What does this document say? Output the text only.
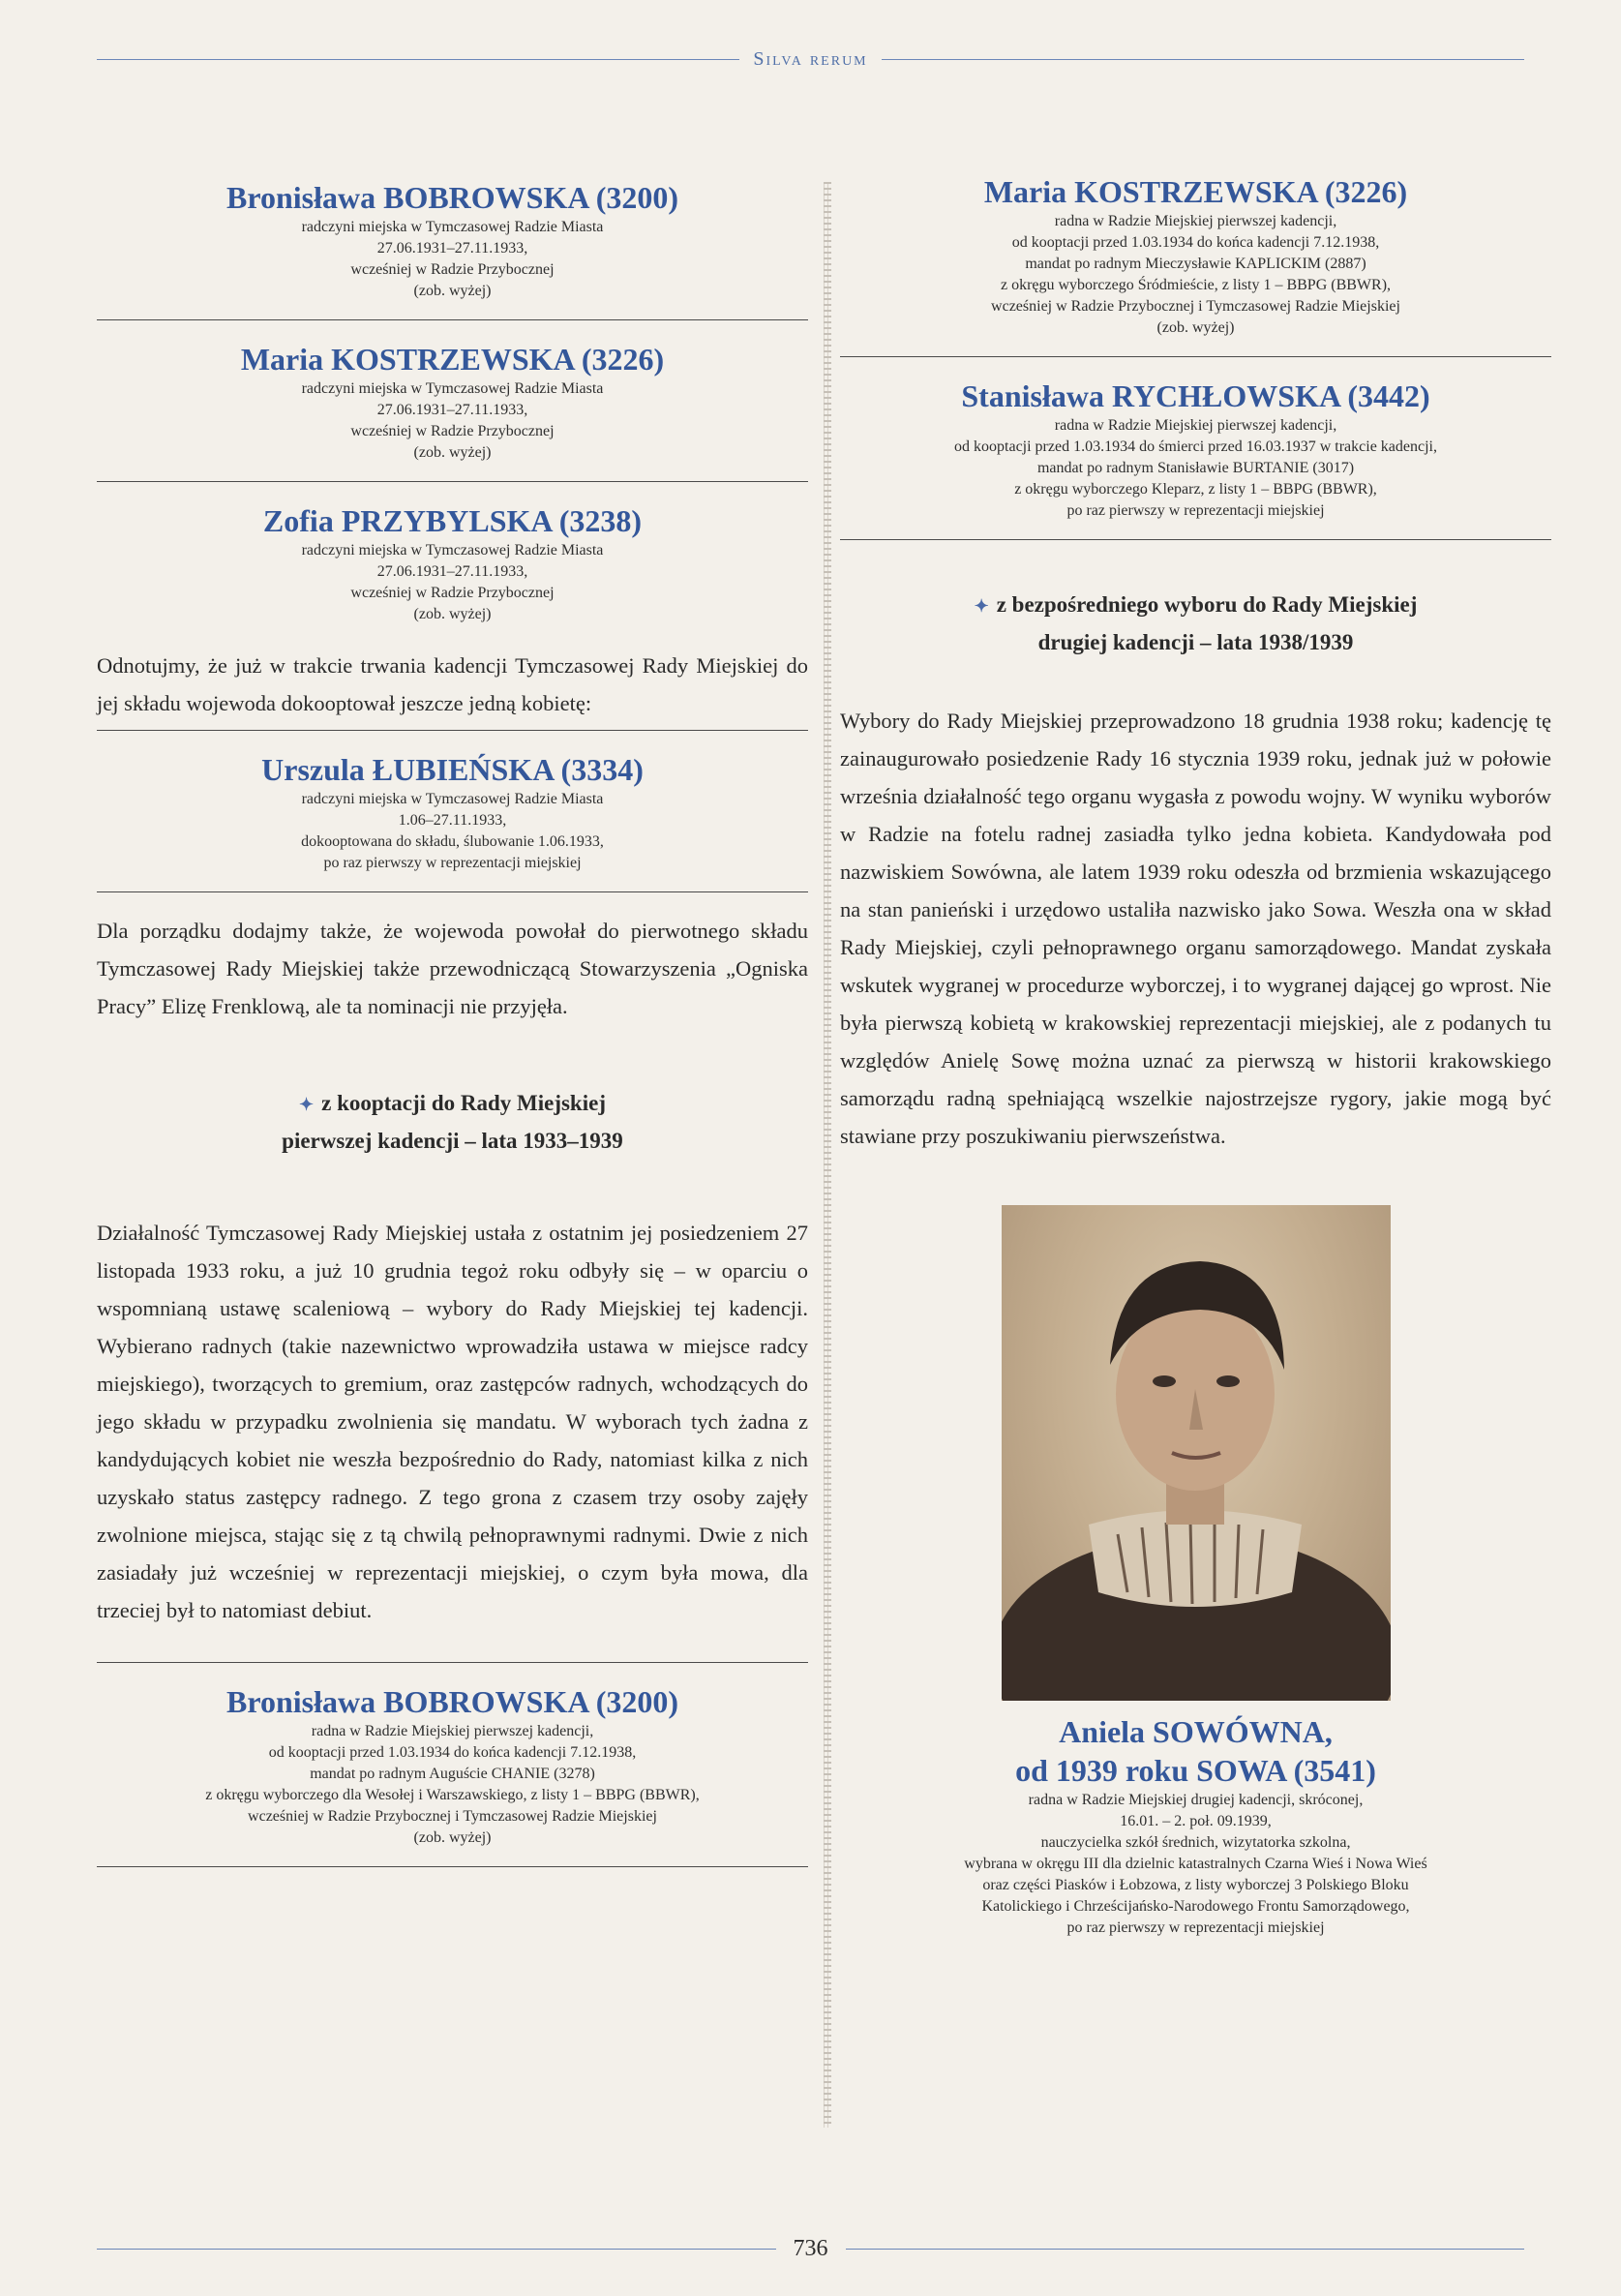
Silva rerum
Bronisława BOBROWSKA (3200)
radczyni miejska w Tymczasowej Radzie Miasta
27.06.1931–27.11.1933,
wcześniej w Radzie Przybocznej
(zob. wyżej)
Maria KOSTRZEWSKA (3226)
radczyni miejska w Tymczasowej Radzie Miasta
27.06.1931–27.11.1933,
wcześniej w Radzie Przybocznej
(zob. wyżej)
Zofia PRZYBYLSKA (3238)
radczyni miejska w Tymczasowej Radzie Miasta
27.06.1931–27.11.1933,
wcześniej w Radzie Przybocznej
(zob. wyżej)

Odnotujmy, że już w trakcie trwania kadencji Tymczasowej Rady Miejskiej do jej składu wojewoda dokooptował jeszcze jedną kobietę:

Urszula ŁUBIEŃSKA (3334)
radczyni miejska w Tymczasowej Radzie Miasta
1.06–27.11.1933,
dokooptowana do składu, ślubowanie 1.06.1933,
po raz pierwszy w reprezentacji miejskiej

Dla porządku dodajmy także, że wojewoda powołał do pierwotnego składu Tymczasowej Rady Miejskiej także przewodniczącą Stowarzyszenia „Ogniska Pracy” Elizę Frenklową, ale ta nominacji nie przyjęła.

✦ z kooptacji do Rady Miejskiej
pierwszej kadencji – lata 1933–1939

Działalność Tymczasowej Rady Miejskiej ustała z ostatnim jej posiedzeniem 27 listopada 1933 roku, a już 10 grudnia tegoż roku odbyły się – w oparciu o wspomnianą ustawę scaleniową – wybory do Rady Miejskiej tej kadencji. Wybierano radnych (takie nazewnictwo wprowadziła ustawa w miejsce radcy miejskiego), tworzących to gremium, oraz zastępców radnych, wchodzących do jego składu w przypadku zwolnienia się mandatu. W wyborach tych żadna z kandydujących kobiet nie weszła bezpośrednio do Rady, natomiast kilka z nich uzyskało status zastępcy radnego. Z tego grona z czasem trzy osoby zajęły zwolnione miejsca, stając się z tą chwilą pełnoprawnymi radnymi. Dwie z nich zasiadały już wcześniej w reprezentacji miejskiej, o czym była mowa, dla trzeciej był to natomiast debiut.

Bronisława BOBROWSKA (3200)
radna w Radzie Miejskiej pierwszej kadencji,
od kooptacji przed 1.03.1934 do końca kadencji 7.12.1938,
mandat po radnym Auguście CHANIE (3278)
z okręgu wyborczego dla Wesołej i Warszawskiego, z listy 1 – BBPG (BBWR),
wcześniej w Radzie Przybocznej i Tymczasowej Radzie Miejskiej
(zob. wyżej)
Maria KOSTRZEWSKA (3226)
radna w Radzie Miejskiej pierwszej kadencji,
od kooptacji przed 1.03.1934 do końca kadencji 7.12.1938,
mandat po radnym Mieczysławie KAPLICKIM (2887)
z okręgu wyborczego Śródmieście, z listy 1 – BBPG (BBWR),
wcześniej w Radzie Przybocznej i Tymczasowej Radzie Miejskiej
(zob. wyżej)
Stanisława RYCHŁOWSKA (3442)
radna w Radzie Miejskiej pierwszej kadencji,
od kooptacji przed 1.03.1934 do śmierci przed 16.03.1937 w trakcie kadencji,
mandat po radnym Stanisławie BURTANIE (3017)
z okręgu wyborczego Kleparz, z listy 1 – BBPG (BBWR),
po raz pierwszy w reprezentacji miejskiej
✦ z bezpośredniego wyboru do Rady Miejskiej
drugiej kadencji – lata 1938/1939

Wybory do Rady Miejskiej przeprowadzono 18 grudnia 1938 roku; kadencję tę zainaugurowało posiedzenie Rady 16 stycznia 1939 roku, jednak już w połowie września działalność tego organu wygasła z powodu wojny. W wyniku wyborów w Radzie na fotelu radnej zasiadła tylko jedna kobieta. Kandydowała pod nazwiskiem Sowówna, ale latem 1939 roku odeszła od brzmienia wskazującego na stan panieński i urzędowo ustaliła nazwisko jako Sowa. Weszła ona w skład Rady Miejskiej, czyli pełnoprawnego organu samorządowego. Mandat zyskała wskutek wygranej w procedurze wyborczej, i to wygranej dającej go wprost. Nie była pierwszą kobietą w krakowskiej reprezentacji miejskiej, ale z podanych tu względów Anielę Sowę można uznać za pierwszą w historii krakowskiego samorządu radną spełniającą wszelkie najostrzejsze rygory, jakie mogą być stawiane przy poszukiwaniu pierwszeństwa.

Aniela SOWÓWNA,
od 1939 roku SOWA (3541)
radna w Radzie Miejskiej drugiej kadencji, skróconej,
16.01. – 2. poł. 09.1939,
nauczycielka szkół średnich, wizytatorka szkolna,
wybrana w okręgu III dla dzielnic katastralnych Czarna Wieś i Nowa Wieś
oraz części Piasków i Łobzowa, z listy wyborczej 3 Polskiego Bloku
Katolickiego i Chrześcijańsko-Narodowego Frontu Samorządowego,
po raz pierwszy w reprezentacji miejskiej
736
